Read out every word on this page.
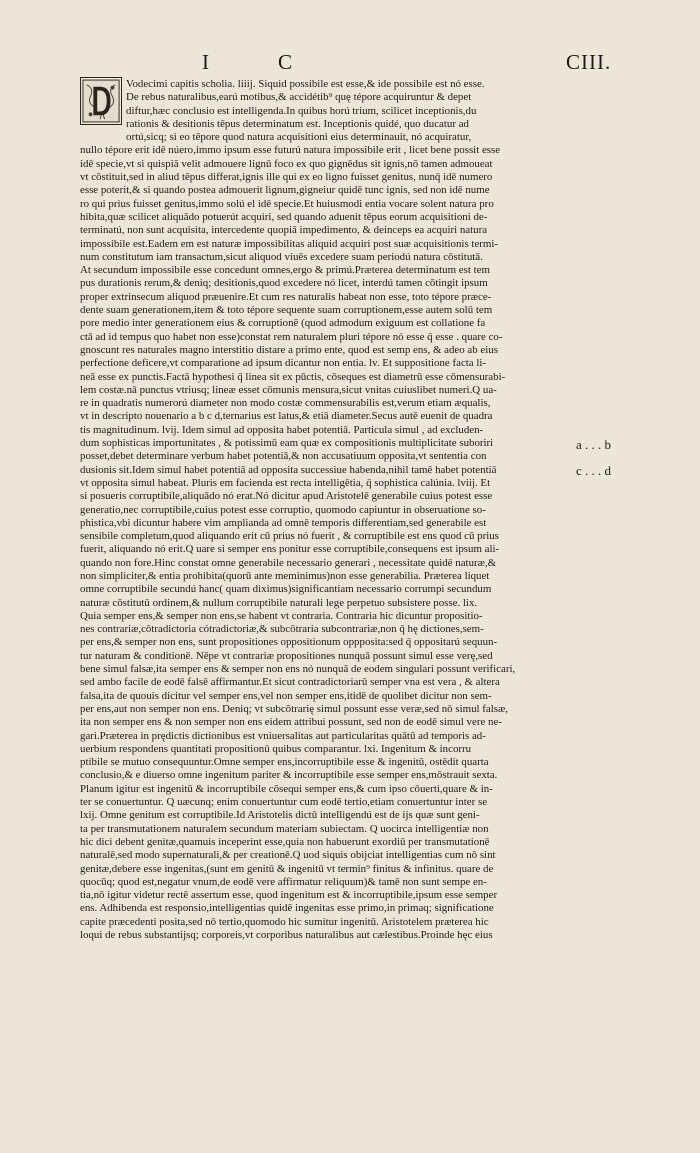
I	C	CIII.
Vodecimi capitis scholia. liiij. Siquid possibile est esse,& ide possibile est nó esse.
De rebus naturalibus,earú motibus,& accidétib⁹ quę tépore acquiruntur & depet
diftur,hæc conclusio est intelligenda.In quibus horú trium, scilicet inceptionis,du
rationis & desitionis tēpus determinatum est. Inceptionis quidé, quo ducatur ad
ortú,sicq; si eo tēpore quod natura acquisitioni eius determinauit, nó acquiratur,
nullo tépore erit idē núero,immo ipsum esse futurú natura impossibile erit , licet bene possit esse
idē specie,vt si quispiā velit admouere lignū foco ex quo gignēdus sit ignis,nō tamen admoueat
vt cōstituit,sed in aliud tēpus differat,ignis ille qui ex eo ligno fuisset genitus, nunq̄ idē numero
esse poterit,& si quando postea admouerit lignum,gigneiur quidē tunc ignis, sed non idē nume
ro qui prius fuisset genitus,immo solú el idē specie.Et huiusmodi entia vocare solent natura pro
hibita,quæ scilicet aliquādo potuerút acquiri, sed quando aduenit tēpus eorum acquisitioni de-
terminatú, non sunt acquisita, intercedente quopiā impedimento, & deinceps ea acquiri natura
impossibile est.Eadem em est naturæ impossibilitas aliquid acquiri post suæ acquisitionis termi-
num constitutum iam transactum,sicut aliquod viuēs excedere suam periodú natura cōstitutā.
At secundum impossibile esse concedunt omnes,ergo & primú.Præterea determinatum est tem
pus durationis rerum,& deniq; desitionis,quod excedere nó licet, interdú tamen cōtingit ipsum
proper extrinsecum aliquod præuenire.Et cum res naturalis habeat non esse, toto tépore præce-
dente suam generationem,item & toto tépore sequente suam corruptionem,esse autem solū tem
pore medio inter generationem eius & corruptionē (quod admodum exiguum est collatione fa
ctā ad id tempus quo habet non esse)constat rem naturalem pluri tépore nó esse q̄ esse . quare co-
gnoscunt res naturales magno interstitio distare a primo ente, quod est semp ens, & adeo ab eius
perfectione deficere,vt comparatione ad ipsum dicantur non entia. lv. Et suppositione facta li-
neā esse ex punctis.Factā hypothesi q̄ linea sit ex pūctis, cōseques est diametrū esse cōmensurabi-
lem costæ.nā punctus vtriusq; lineæ esset cōmunis mensura,sicut vnitas cuiuslibet numeri.Q ua-
re in quadratis numerorú diameter non modo costæ commensurabilis est,verum etiam æqualis,
vt in descripto nouenario a b c d,ternarius est latus,& etiā diameter.Secus autē euenit de quadra
tis magnitudinum. lvij. Idem simul ad opposita habet potentiā. Particula simul , ad excluden-
dum sophisticas importunitates , & potissimū eam quæ ex compositionis multiplicitate suboriri
posset,debet determinare verbum habet potentiā,& non accusatiuum opposita,vt sententia con
dusionis sit.Idem simul habet potentiā ad opposita successiue habenda,nihil tamē habet potentiā
vt opposita simul habeat. Pluris em facienda est recta intelligētia, q̄ sophistica calúnia. lviij. Et
si posueris corruptibile,aliquādo nó erat.Nó dicitur apud Aristotelē generabile cuius potest esse
generatio,nec corruptibile,cuius potest esse corruptio, quomodo capiuntur in obseruatione so-
phistica,vbi dicuntur habere vim amplianda ad omnē temporis differentiam,sed generabile est
sensibile completum,quod aliquando erit cū prius nó fuerit , & corruptibile est ens quod cū prius
fuerit, aliquando nó erit.Q uare si semper ens ponitur esse corruptibile,consequens est ipsum ali-
quando non fore.Hinc constat omne generabile necessario generari , necessitate quidē naturæ,&
non simpliciter,& entia prohibita(quorū ante meminimus)non esse generabilia. Præterea liquet
omne corruptibile secundú hanc( quam diximus)significantiam necessario corrumpi secundum
naturæ cōstitutū ordinem,& nullum corruptibile naturali lege perpetuo subsistere posse. lix.
Quia semper ens,& semper non ens,se habent vt contraria. Contraria hic dicuntur propositio-
nes contrariæ,cōtradictoria cótradictoriæ,& subcōtraria subcontrariæ,non q̄ hę dictiones,sem-
per ens,& semper non ens, sunt propositiones oppositionum oppposita:sed q̄ oppositarú sequun-
tur naturam & conditionē. Nēpe vt contrariæ propositiones nunquā possunt simul esse verę,sed
bene simul falsæ,ita semper ens & semper non ens nó nunquā de eodem singulari possunt verificari,
sed ambo facile de eodē falsē affirmantur.Et sicut contradictoriarū semper vna est vera , & altera
falsa,ita de quouis dicitur vel semper ens,vel non semper ens,itidē de quolibet dicitur non sem-
per ens,aut non semper non ens. Deniq; vt subcōtrarię simul possunt esse veræ,sed nō simul falsæ,
ita non semper ens & non semper non ens eidem attribui possunt, sed non de eodē simul vere ne-
gari.Præterea in prędictis dictionibus est vniuersalitas aut particularitas quātū ad temporis ad-
uerbium respondens quantitati propositionū quibus comparantur. lxi. Ingenitum & incorru
ptibile se mutuo consequuntur.Omne semper ens,incorruptibile esse & ingenitū, ostēdit quarta
conclusio,& e diuerso omne ingenitum pariter & incorruptibile esse semper ens,mōstrauit sexta.
Planum igitur est ingenitū & incorruptibile cōsequi semper ens,& cum ipso cōuerti,quare & in-
ter se conuertuntur. Q uæcunq; enim conuertuntur cum eodē tertio,etiam conuertuntur inter se
lxij. Omne genitum est corruptibile.Id Aristotelis dictū intelligendú est de ijs quæ sunt geni-
ta per transmutationem naturalem secundum materiam subiectam. Q uocirca intelligentiæ non
hic dici debent genitæ,quamuis inceperint esse,quia non habuerunt exordiū per transmutationē
naturalē,sed modo supernaturali,& per creationē.Q uod siquis obijciat intelligentias cum nō sint
genitæ,debere esse ingenitas,(sunt em genitū & ingenitū vt termin⁹ finitus & infinitus. quare de
quocūq; quod est,negatur vnum,de eodē vere affirmatur reliquum)& tamē non sunt sempe en-
tia,nō igitur videtur rectē assertum esse, quod ingenitum est & incorruptibile,ipsum esse semper
ens. Adhibenda est responsio,intelligentias quidē ingenitas esse primo,in primaq; significatione
capite præcedenti posita,sed nō tertio,quomodo hic sumitur ingenitū. Aristotelem præterea hic
loqui de rebus substantijsq; corporeis,vt corporibus naturalibus aut cælestibus.Proinde hęc eius
a . . . b
c . . . d
